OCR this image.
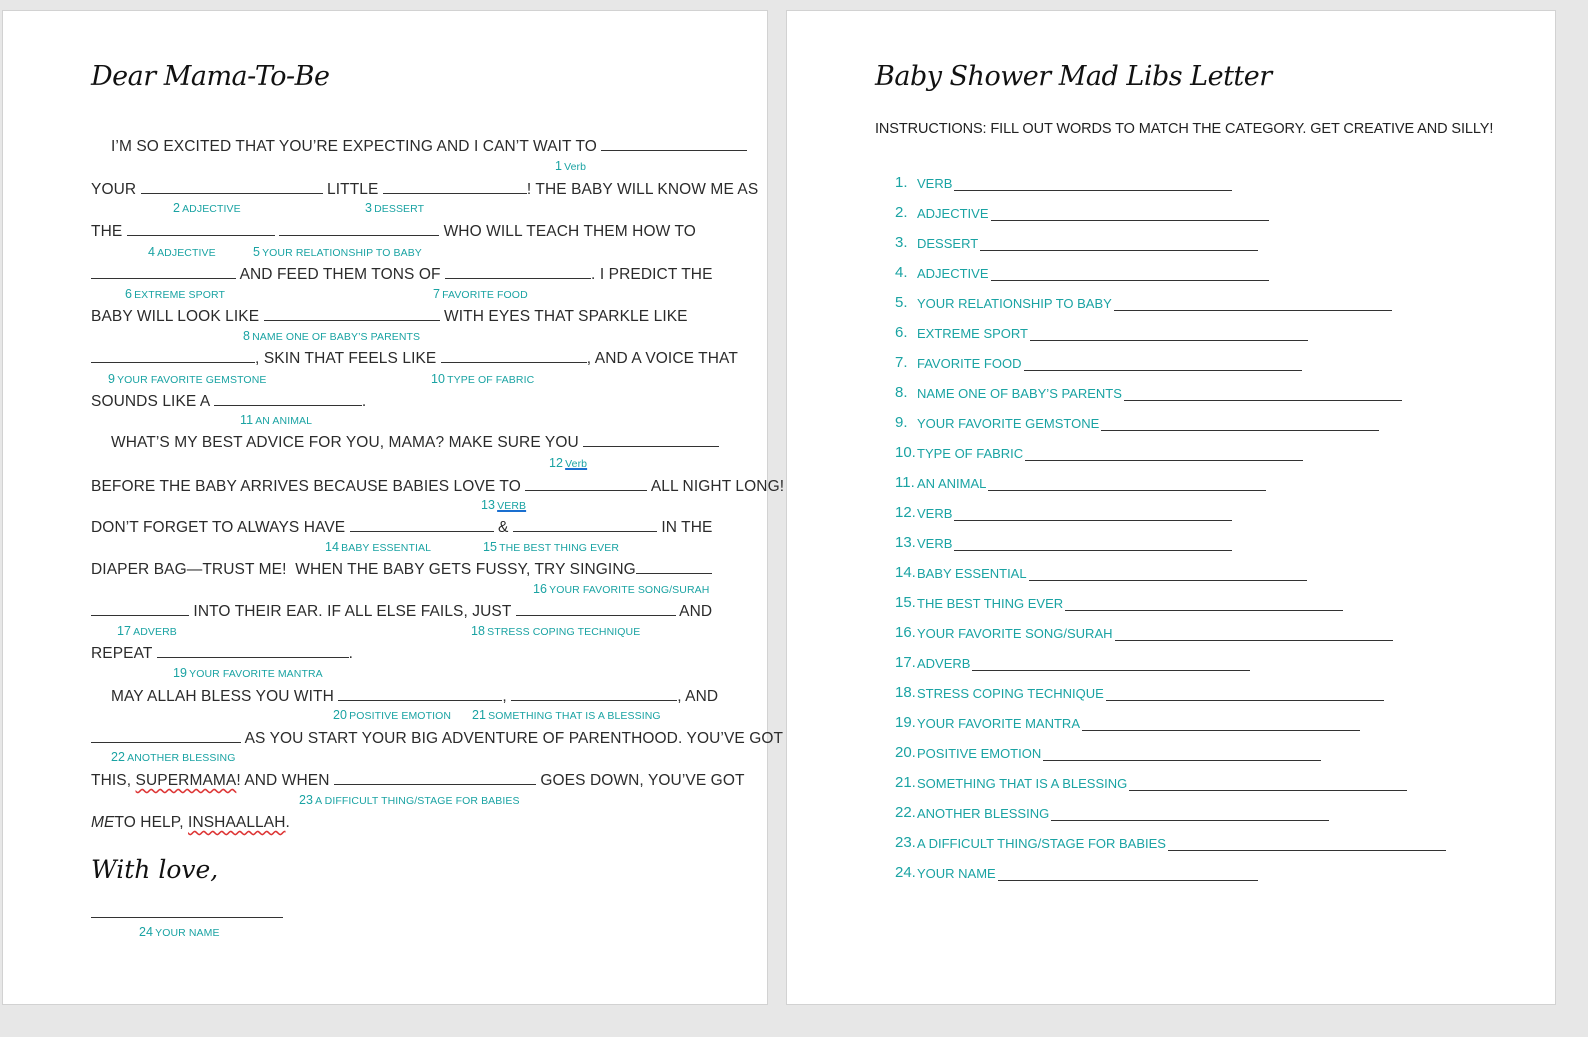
Dear Mama-To-Be
I’M SO EXCITED THAT YOU’RE EXPECTING AND I CAN’T WAIT TO
YOUR	LITTLE	! THE BABY WILL KNOW ME AS
THE	WHO WILL TEACH THEM HOW TO
AND FEED THEM TONS OF	. I PREDICT THE
BABY WILL LOOK LIKE	WITH EYES THAT SPARKLE LIKE
, SKIN THAT FEELS LIKE	, AND A VOICE THAT
SOUNDS LIKE A	.
WHAT’S MY BEST ADVICE FOR YOU, MAMA? MAKE SURE YOU
BEFORE THE BABY ARRIVES BECAUSE BABIES LOVE TO	ALL NIGHT LONG!
DON’T FORGET TO ALWAYS HAVE	&	IN THE
DIAPER BAG—TRUST ME!  WHEN THE BABY GETS FUSSY, TRY SINGING
INTO THEIR EAR. IF ALL ELSE FAILS, JUST	AND
REPEAT	.
MAY ALLAH BLESS YOU WITH	,	, AND
AS YOU START YOUR BIG ADVENTURE OF PARENTHOOD. YOU’VE GOT
THIS, SUPERMAMA! AND WHEN	GOES DOWN, YOU’VE GOT
METO HELP, INSHAALLAH.
1 Verb
2 ADJECTIVE	3 DESSERT
4 ADJECTIVE	5 YOUR RELATIONSHIP TO BABY
6 EXTREME SPORT	7 FAVORITE FOOD
8 NAME ONE OF BABY’S PARENTS
9 YOUR FAVORITE GEMSTONE	10 TYPE OF FABRIC
11 AN ANIMAL
12 Verb
13 VERB
14 BABY ESSENTIAL	15 THE BEST THING EVER
16 YOUR FAVORITE SONG/SURAH
17 ADVERB	18 STRESS COPING TECHNIQUE
19 YOUR FAVORITE MANTRA
20 POSITIVE EMOTION 21 SOMETHING THAT IS A BLESSING
22 ANOTHER BLESSING
23 A DIFFICULT THING/STAGE FOR BABIES
With love,
24 YOUR NAME
Baby Shower Mad Libs Letter
INSTRUCTIONS: FILL OUT WORDS TO MATCH THE CATEGORY. GET CREATIVE AND SILLY!
1. VERB
2. ADJECTIVE
3. DESSERT
4. ADJECTIVE
5. YOUR RELATIONSHIP TO BABY
6. EXTREME SPORT
7. FAVORITE FOOD
8. NAME ONE OF BABY’S PARENTS
9. YOUR FAVORITE GEMSTONE
10. TYPE OF FABRIC
11. AN ANIMAL
12. VERB
13. VERB
14. BABY ESSENTIAL
15. THE BEST THING EVER
16. YOUR FAVORITE SONG/SURAH
17. ADVERB
18. STRESS COPING TECHNIQUE
19. YOUR FAVORITE MANTRA
20. POSITIVE EMOTION
21. SOMETHING THAT IS A BLESSING
22. ANOTHER BLESSING
23. A DIFFICULT THING/STAGE FOR BABIES
24. YOUR NAME
